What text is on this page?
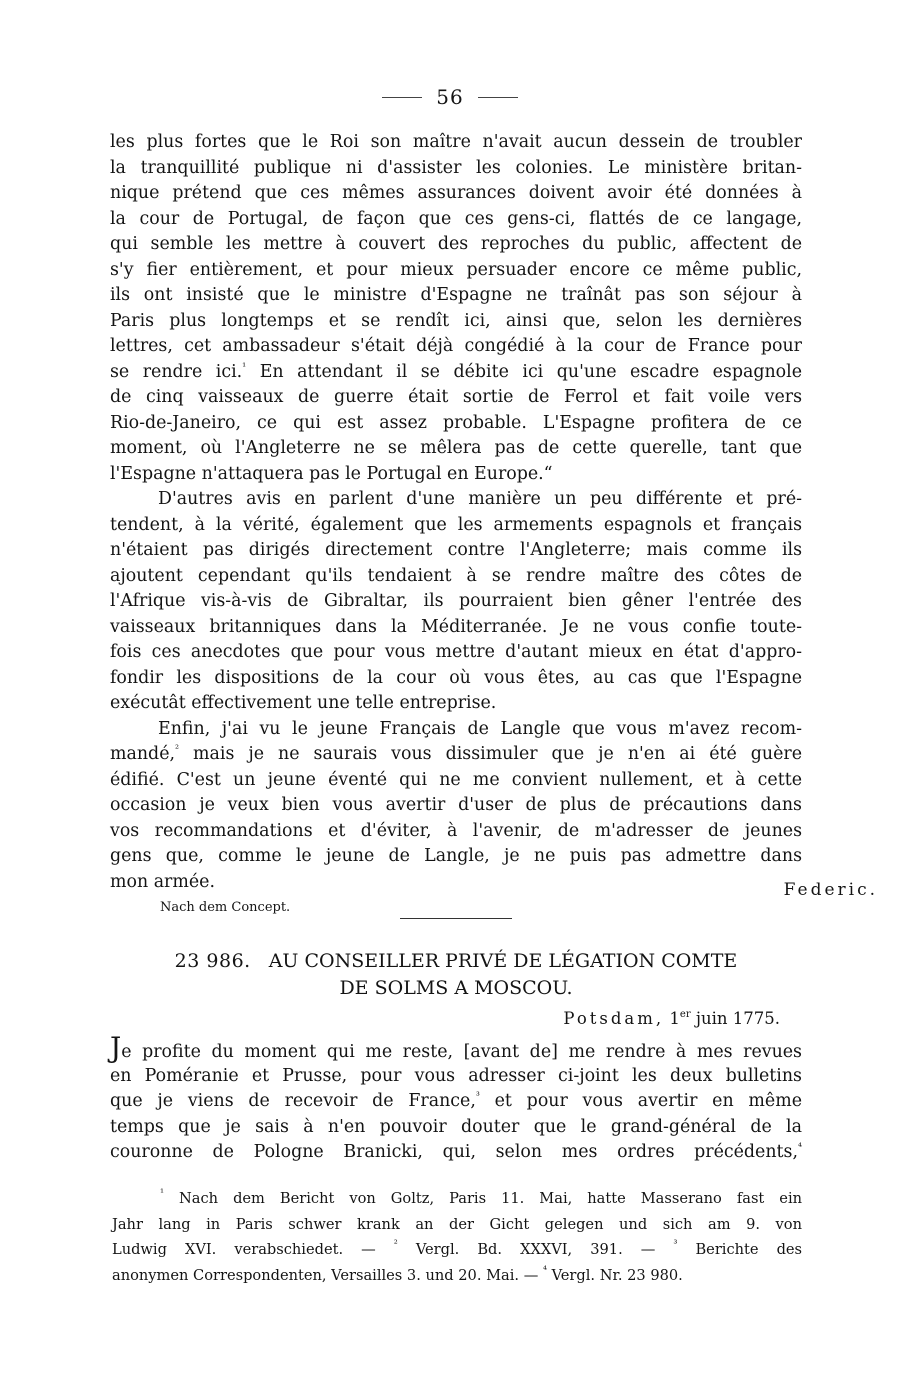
56
les plus fortes que le Roi son maître n'avait aucun dessein de troubler
la tranquillité publique ni d'assister les colonies. Le ministère britan-
nique prétend que ces mêmes assurances doivent avoir été données à
la cour de Portugal, de façon que ces gens-ci, flattés de ce langage,
qui semble les mettre à couvert des reproches du public, affectent de
s'y fier entièrement, et pour mieux persuader encore ce même public,
ils ont insisté que le ministre d'Espagne ne traînât pas son séjour à
Paris plus longtemps et se rendît ici, ainsi que, selon les dernières
lettres, cet ambassadeur s'était déjà congédié à la cour de France pour
se rendre ici.$^{^1}$ En attendant il se débite ici qu'une escadre espagnole
de cinq vaisseaux de guerre était sortie de Ferrol et fait voile vers
Rio-de-Janeiro, ce qui est assez probable. L'Espagne profitera de ce
moment, où l'Angleterre ne se mêlera pas de cette querelle, tant que
l'Espagne n'attaquera pas le Portugal en Europe.“
D'autres avis en parlent d'une manière un peu différente et pré-
tendent, à la vérité, également que les armements espagnols et français
n'étaient pas dirigés directement contre l'Angleterre; mais comme ils
ajoutent cependant qu'ils tendaient à se rendre maître des côtes de
l'Afrique vis-à-vis de Gibraltar, ils pourraient bien gêner l'entrée des
vaisseaux britanniques dans la Méditerranée. Je ne vous confie toute-
fois ces anecdotes que pour vous mettre d'autant mieux en état d'appro-
fondir les dispositions de la cour où vous êtes, au cas que l'Espagne
exécutât effectivement une telle entreprise.
Enfin, j'ai vu le jeune Français de Langle que vous m'avez recom-
mandé,$^{^2}$ mais je ne saurais vous dissimuler que je n'en ai été guère
édifié. C'est un jeune éventé qui ne me convient nullement, et à cette
occasion je veux bien vous avertir d'user de plus de précautions dans
vos recommandations et d'éviter, à l'avenir, de m'adresser de jeunes
gens que, comme le jeune de Langle, je ne puis pas admettre dans
mon armée.	Federic.
Nach dem Concept.
23 986. AU CONSEILLER PRIVÉ DE LÉGATION COMTE
DE SOLMS A MOSCOU.
Potsdam, 1er juin 1775.
Je profite du moment qui me reste, [avant de] me rendre à mes revues
en Poméranie et Prusse, pour vous adresser ci-joint les deux bulletins
que je viens de recevoir de France,$^{^3}$ et pour vous avertir en même
temps que je sais à n'en pouvoir douter que le grand-général de la
couronne de Pologne Branicki, qui, selon mes ordres précédents,$^{^4}$
$^{^1}$ Nach dem Bericht von Goltz, Paris 11. Mai, hatte Masserano fast ein
Jahr lang in Paris schwer krank an der Gicht gelegen und sich am 9. von
Ludwig XVI. verabschiedet. — $^{^2}$ Vergl. Bd. XXXVI, 391. — $^{^3}$ Berichte des
anonymen Correspondenten, Versailles 3. und 20. Mai. — $^{^4}$ Vergl. Nr. 23 980.
